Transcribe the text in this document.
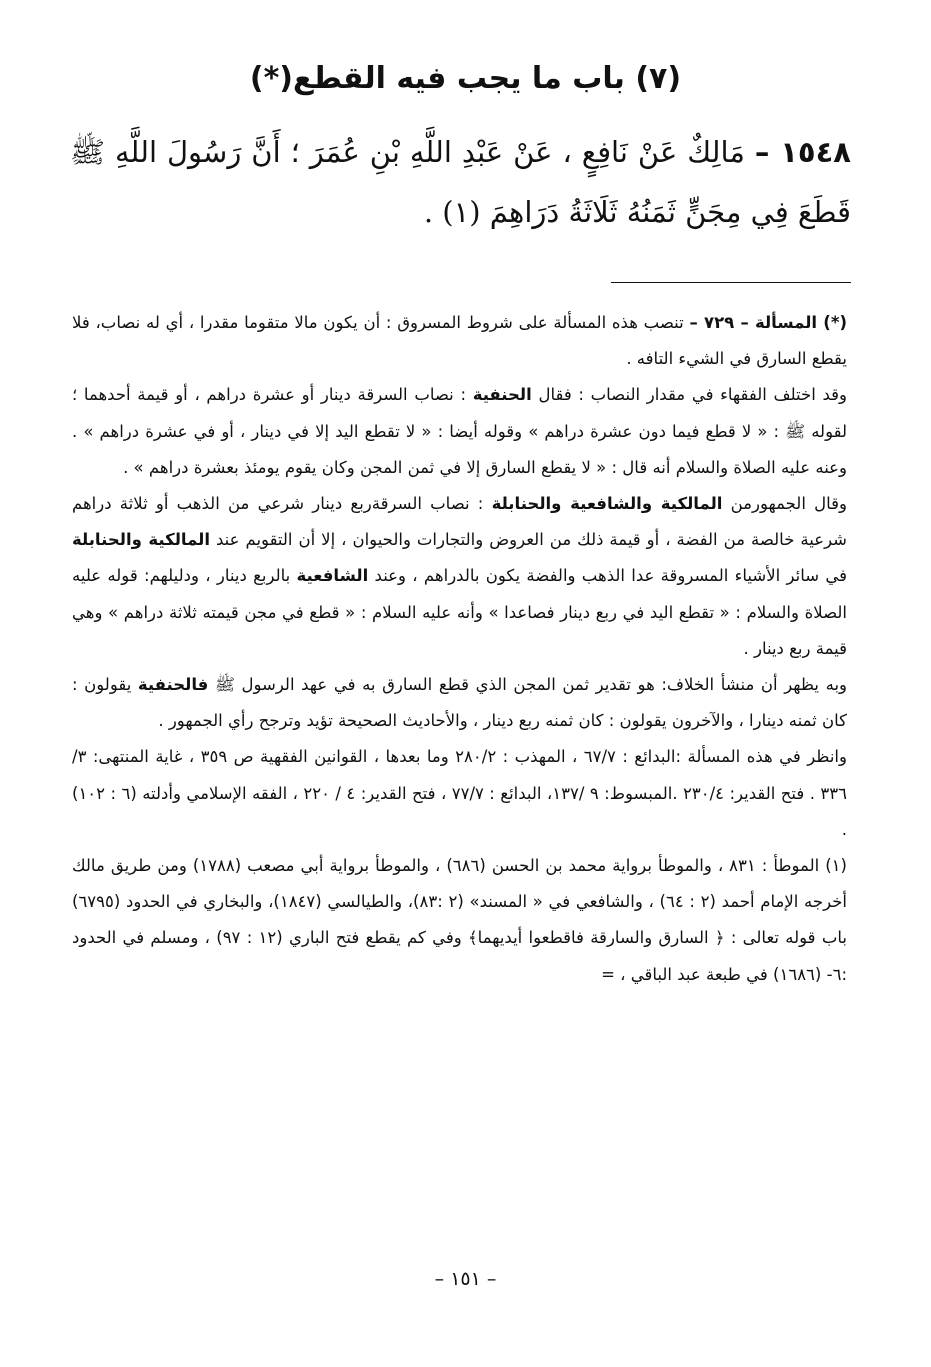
(٧) باب ما يجب فيه القطع(*)
١٥٤٨ – مَالِكٌ عَنْ نَافِعٍ ، عَنْ عَبْدِ اللَّهِ بْنِ عُمَرَ ؛ أَنَّ رَسُولَ اللَّهِ ﷺ قَطَعَ فِي مِجَنٍّ ثَمَنُهُ ثَلَاثَةُ دَرَاهِمَ (١) .

(*) المسألة – ٧٢٩ – تنصب هذه المسألة على شروط المسروق : أن يكون مالا متقوما مقدرا ، أي له نصاب، فلا يقطع السارق في الشيء التافه .

وقد اختلف الفقهاء في مقدار النصاب : فقال الحنفية : نصاب السرقة دينار أو عشرة دراهم ، أو قيمة أحدهما ؛ لقوله ﷺ : « لا قطع فيما دون عشرة دراهم » وقوله أيضا : « لا تقطع اليد إلا في دينار ، أو في عشرة دراهم » . وعنه عليه الصلاة والسلام أنه قال : « لا يقطع السارق إلا في ثمن المجن وكان يقوم يومئذ بعشرة دراهم » .

وقال الجمهورمن المالكية والشافعية والحنابلة : نصاب السرقةربع دينار شرعي من الذهب أو ثلاثة دراهم شرعية خالصة من الفضة ، أو قيمة ذلك من العروض والتجارات والحيوان ، إلا أن التقويم عند المالكية والحنابلة في سائر الأشياء المسروقة عدا الذهب والفضة يكون بالدراهم ، وعند الشافعية بالربع دينار ، ودليلهم: قوله عليه الصلاة والسلام : « تقطع اليد في ربع دينار فصاعدا » وأنه عليه السلام : « قطع في مجن قيمته ثلاثة دراهم » وهي قيمة ربع دينار .

وبه يظهر أن منشأ الخلاف: هو تقدير ثمن المجن الذي قطع السارق به في عهد الرسول ﷺ فالحنفية يقولون : كان ثمنه دينارا ، والآخرون يقولون : كان ثمنه ربع دينار ، والأحاديث الصحيحة تؤيد وترجح رأي الجمهور .

وانظر في هذه المسألة :البدائع : ٦٧/٧ ، المهذب : ٢٨٠/٢ وما بعدها ، القوانين الفقهية ص ٣٥٩ ، غاية المنتهى: ٣/ ٣٣٦ . فتح القدير: ٢٣٠/٤ .المبسوط: ٩ /١٣٧، البدائع : ٧٧/٧ ، فتح القدير: ٤ / ٢٢٠ ، الفقه الإسلامي وأدلته (٦ : ١٠٢) .

(١) الموطأ : ٨٣١ ، والموطأ برواية محمد بن الحسن (٦٨٦) ، والموطأ برواية أبي مصعب (١٧٨٨) ومن طريق مالك أخرجه الإمام أحمد (٢ : ٦٤) ، والشافعي في « المسند» (٢ :٨٣)، والطيالسي (١٨٤٧)، والبخاري في الحدود (٦٧٩٥) باب قوله تعالى : ﴿ السارق والسارقة فاقطعوا أيديهما﴾ وفي كم يقطع فتح الباري (١٢ : ٩٧) ، ومسلم في الحدود :٦- (١٦٨٦) في طبعة عبد الباقي ، =

– ١٥١ –
